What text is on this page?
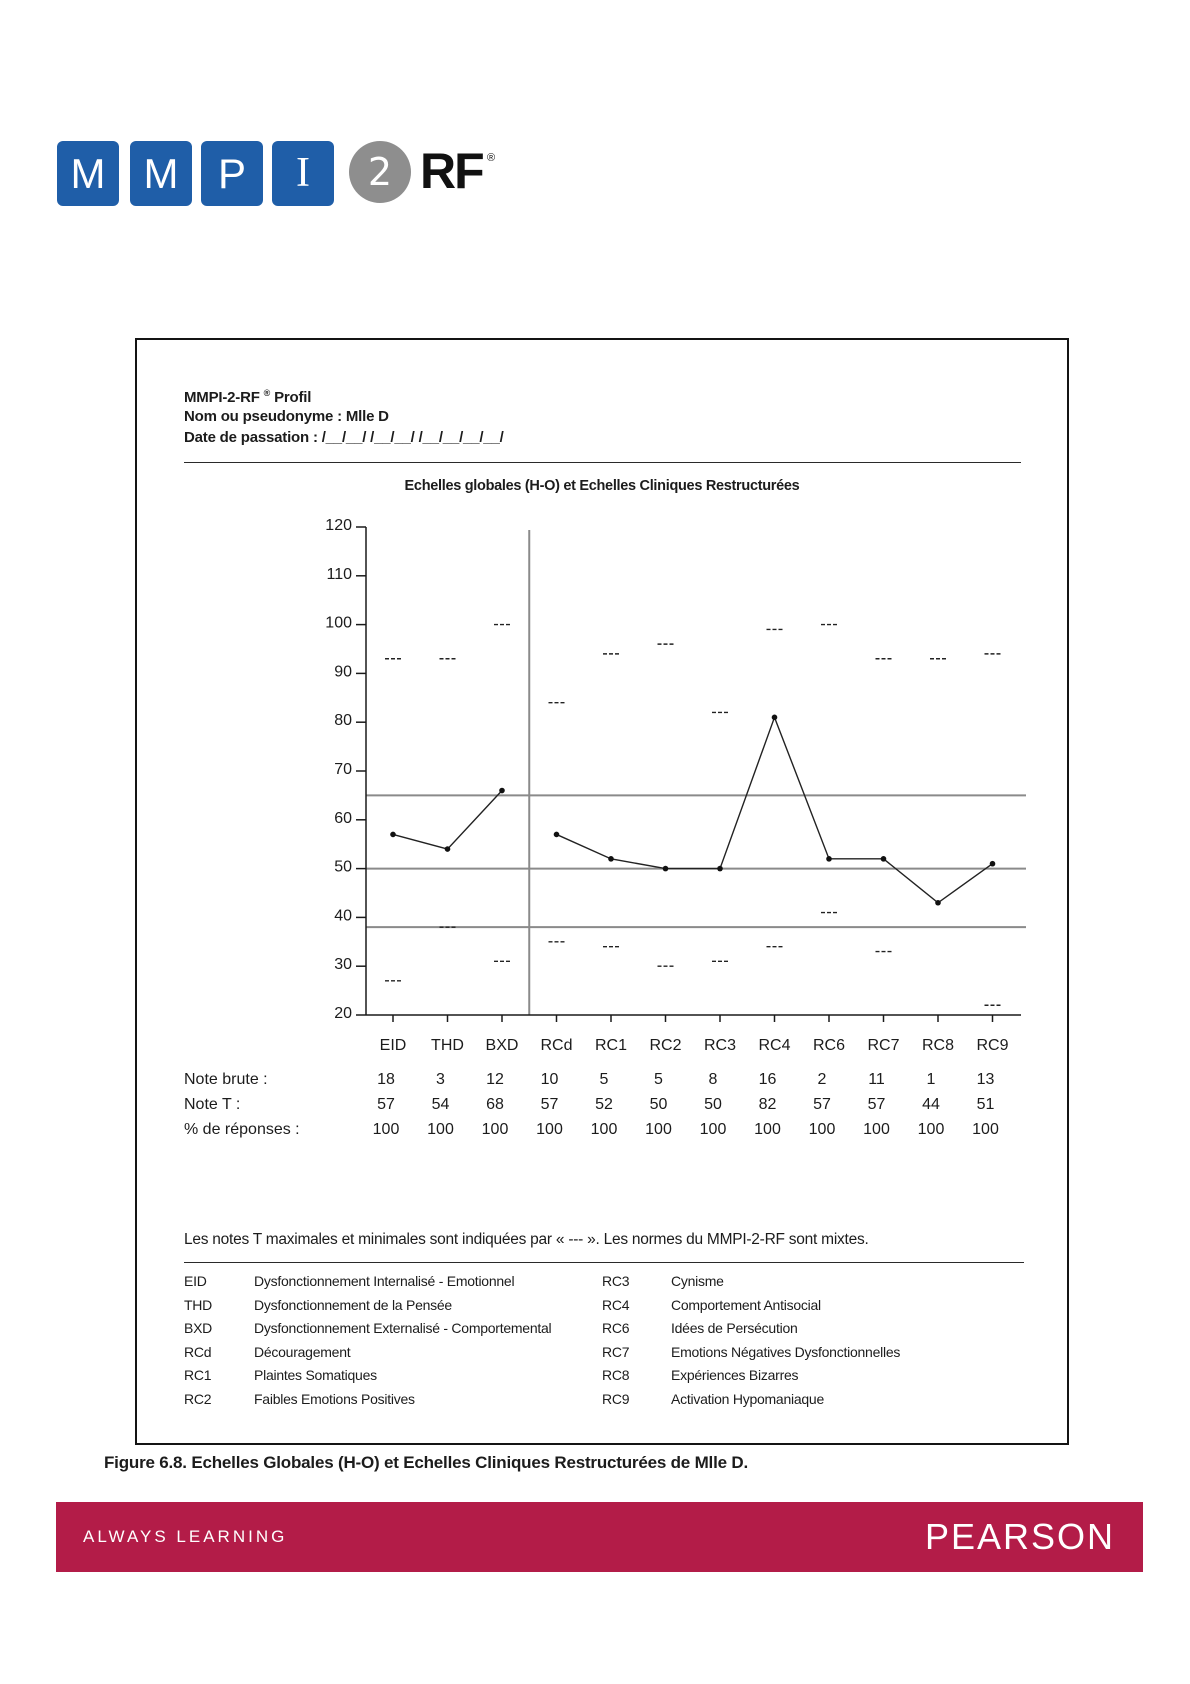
M M P	I	2 RF ®
MMPI-2-RF ® Profil
Nom ou pseudonyme : Mlle D
Date de passation : /__/__/ /__/__/ /__/__/__/__/
Echelles globales (H-O) et Echelles Cliniques Restructurées
120
110
100
90
80
70
60
50
40
30
20
EID THD BXD RCd RC1 RC2 RC3 RC4 RC6 RC7 RC8 RC9
Note brute :	18	3	12 10	5	5	8	16	2	11	1	13
Note T :	57 54 68 57 52 50 50 82 57 57 44 51
% de réponses :	100 100 100 100 100 100 100 100 100 100 100 100
Les notes T maximales et minimales sont indiquées par « --- ». Les normes du MMPI-2-RF sont mixtes.
EID	Dysfonctionnement Internalisé - Emotionnel
THD	Dysfonctionnement de la Pensée
BXD	Dysfonctionnement Externalisé - Comportemental
RCd	Découragement
RC1	Plaintes Somatiques
RC2	Faibles Emotions Positives
RC3	Cynisme
RC4	Comportement Antisocial
RC6	Idées de Persécution
RC7	Emotions Négatives Dysfonctionnelles
RC8	Expériences Bizarres
RC9	Activation Hypomaniaque
Figure 6.8. Echelles Globales (H-O) et Echelles Cliniques Restructurées de Mlle D.
ALWAYS LEARNING	PEARSON
